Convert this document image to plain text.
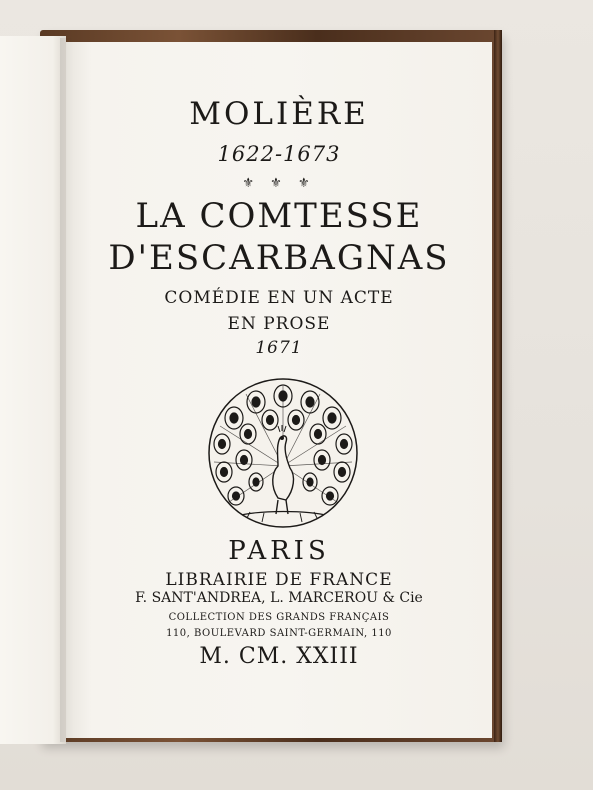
MOLIÈRE
1622-1673
⚜ ⚜ ⚜
LA COMTESSE
D'ESCARBAGNAS
COMÉDIE EN UN ACTE
EN PROSE
1671
PARIS
LIBRAIRIE DE FRANCE
F. SANT'ANDREA, L. MARCEROU & Cie
COLLECTION DES GRANDS FRANÇAIS
110, BOULEVARD SAINT-GERMAIN, 110
M. CM. XXIII
